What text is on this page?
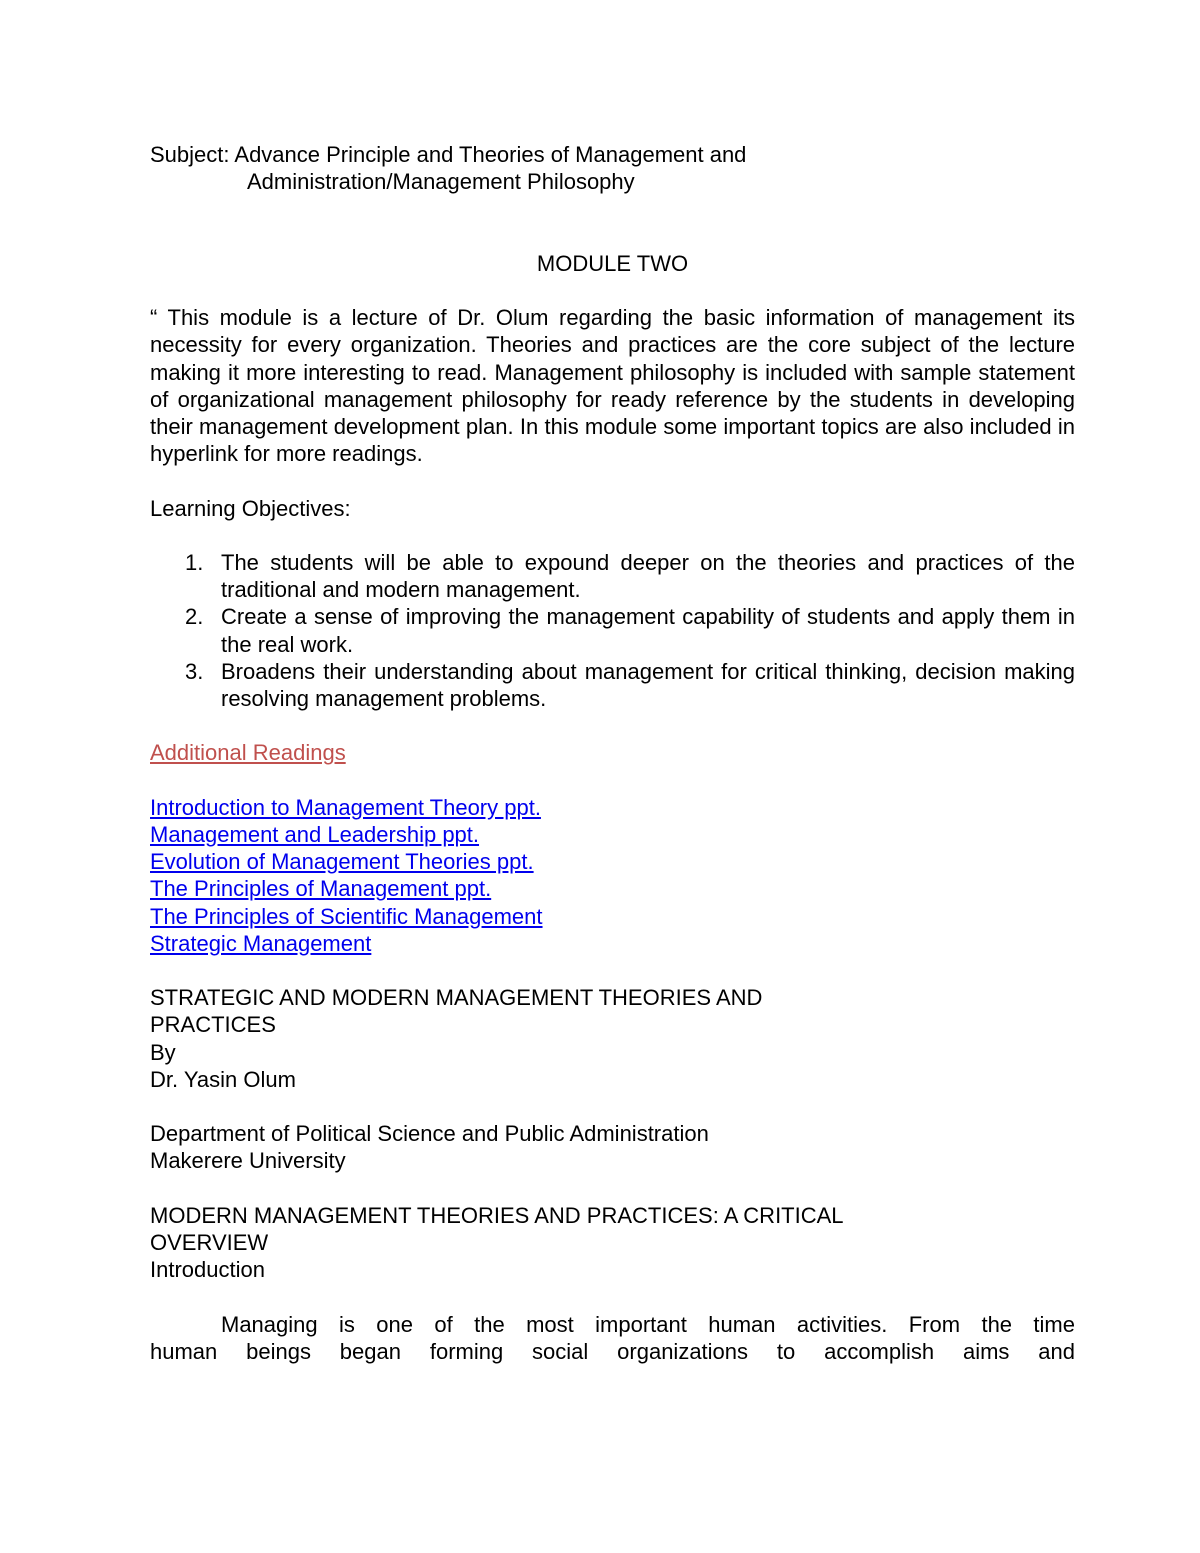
Subject: Advance Principle and Theories of Management and

Administration/Management Philosophy

MODULE TWO

“ This module is a lecture of Dr. Olum regarding the basic information of management its necessity for every organization. Theories and practices are the core subject of the lecture making it more interesting to read. Management philosophy is included with sample statement of organizational management philosophy for ready reference by the students in developing their management development plan. In this module some important topics are also included in hyperlink for more readings.

Learning Objectives:

1. The students will be able to expound deeper on the theories and practices of the traditional and modern management.
2. Create a sense of improving the management capability of students and apply them in the real work.
3. Broadens their understanding about management for critical thinking, decision making resolving management problems.

Additional Readings

Introduction to Management Theory ppt.

Management and Leadership ppt.

Evolution of Management Theories ppt.

The Principles of Management ppt.

The Principles of Scientific Management

Strategic Management

STRATEGIC AND MODERN MANAGEMENT THEORIES AND

PRACTICES

By

Dr. Yasin Olum

Department of Political Science and Public Administration

Makerere University

MODERN MANAGEMENT THEORIES AND PRACTICES: A CRITICAL

OVERVIEW

Introduction

Managing is one of the most important human activities. From the time

human beings began forming social organizations to accomplish aims and
